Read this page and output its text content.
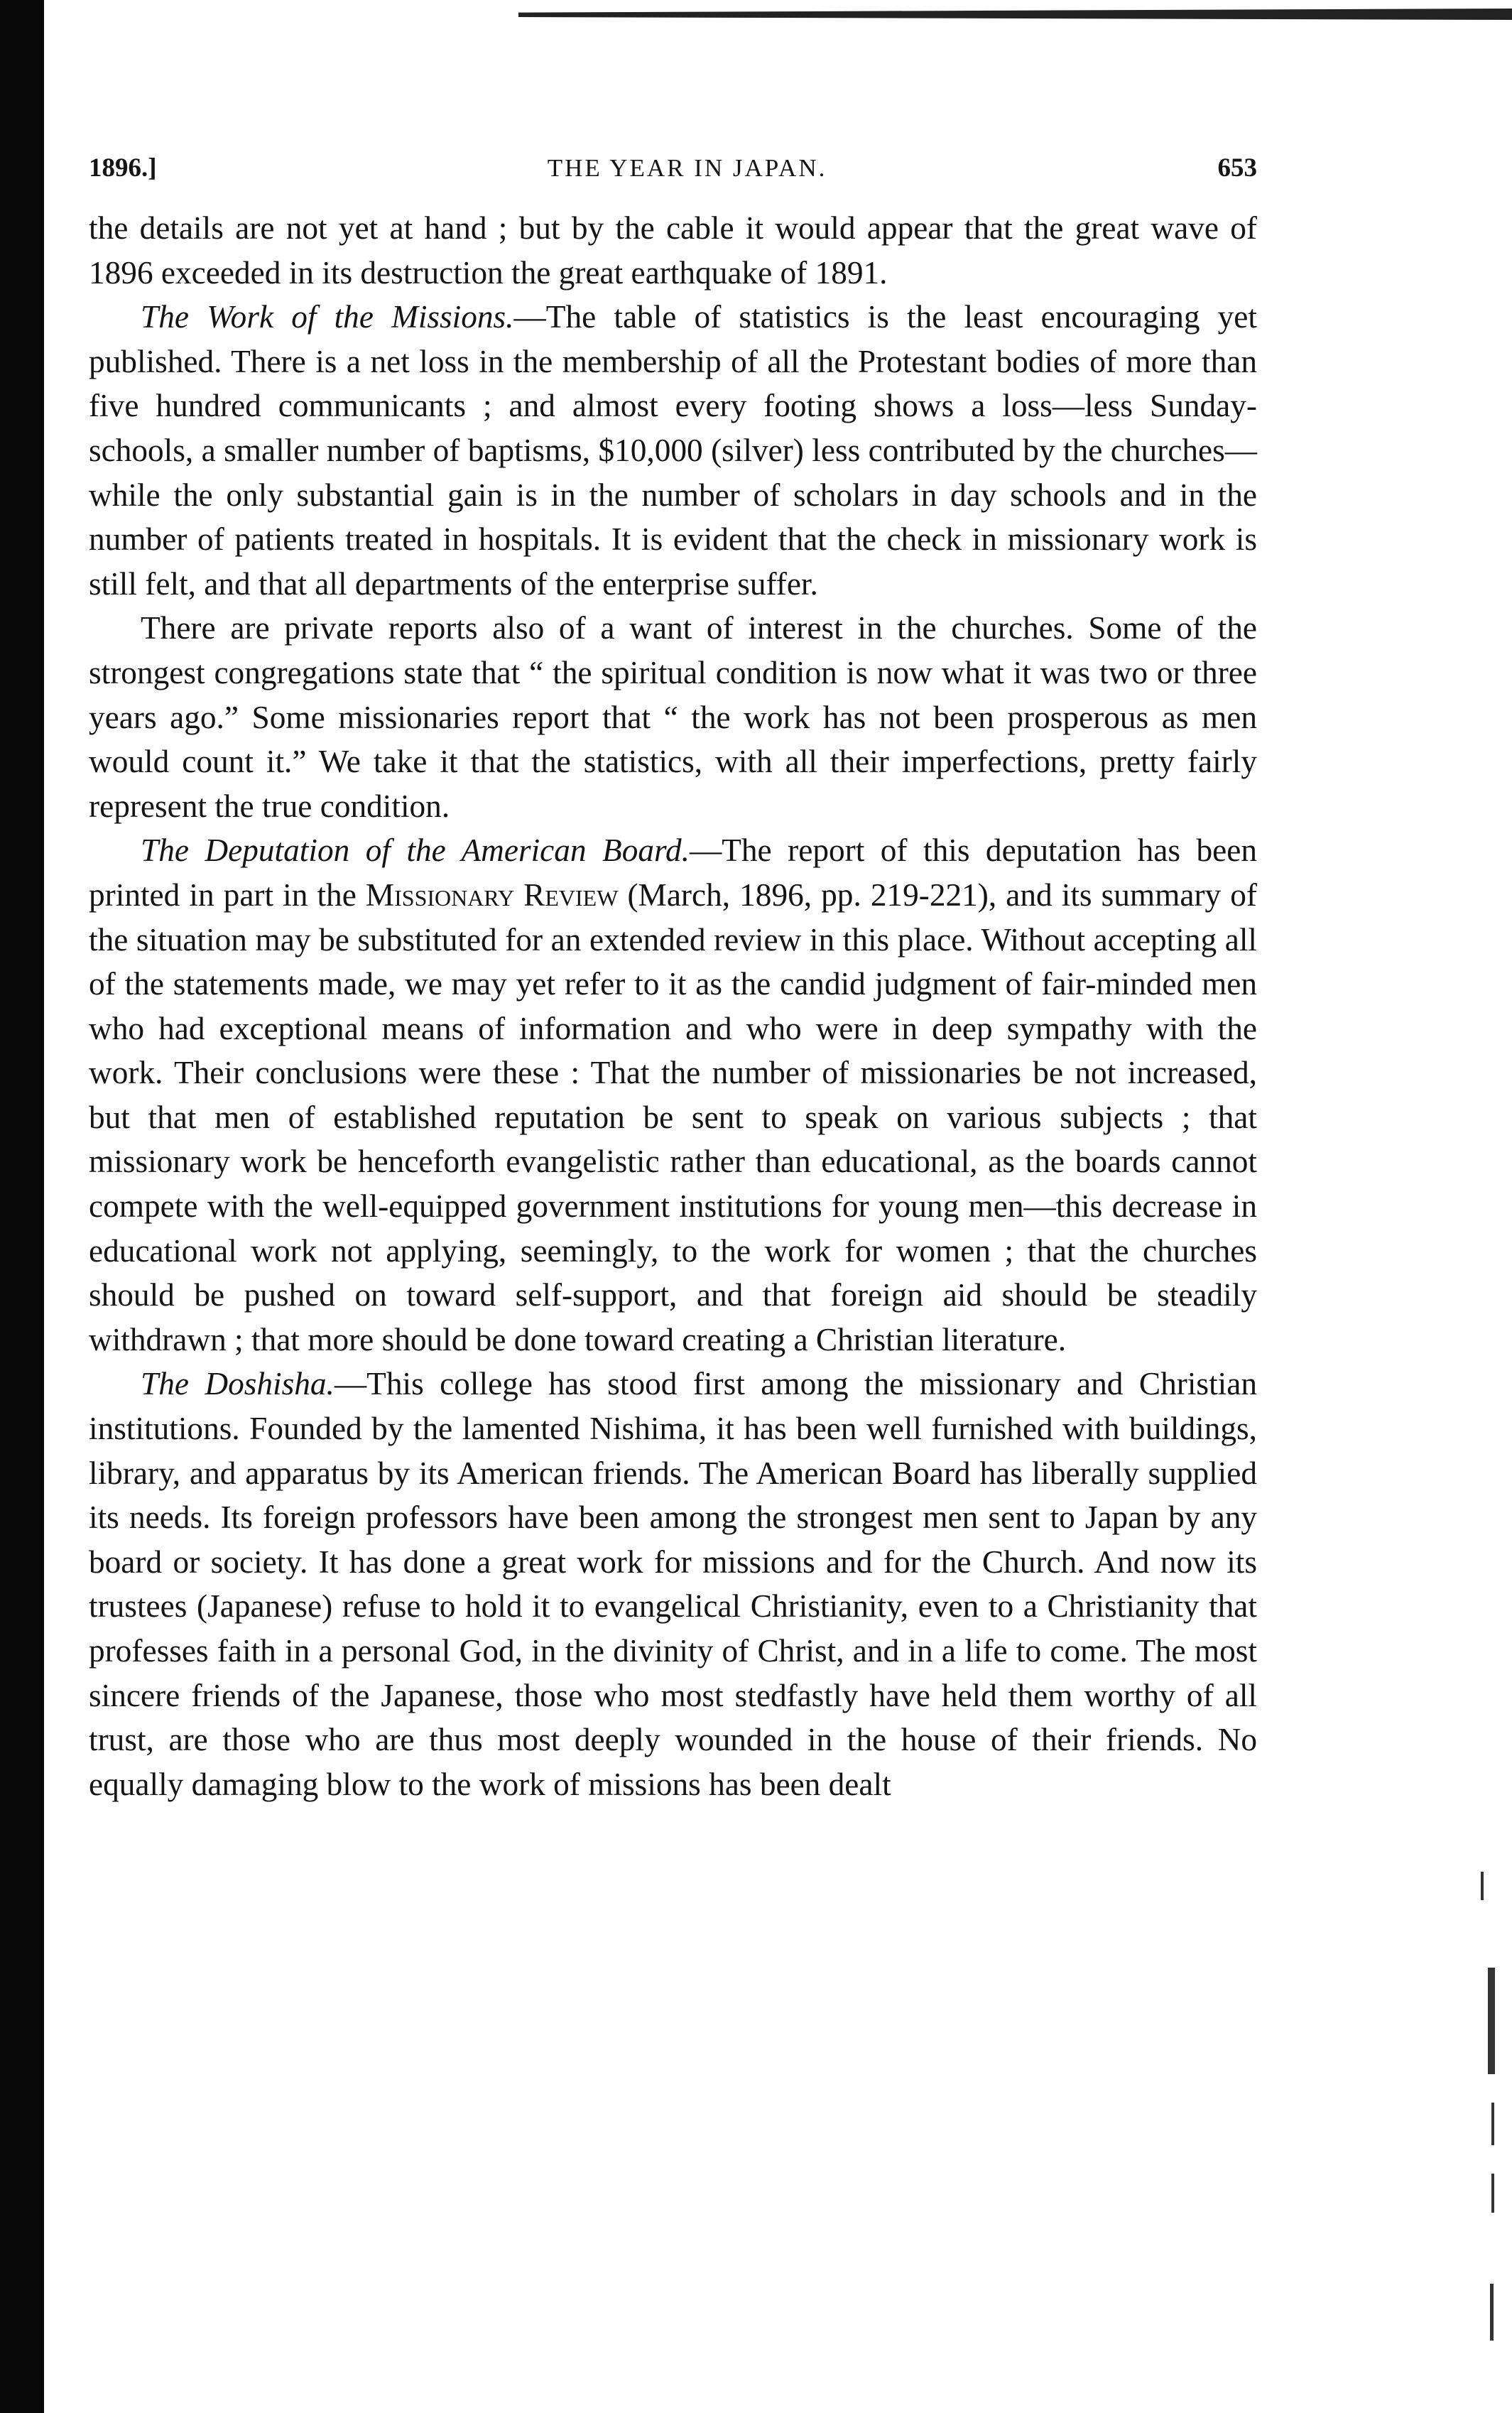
1896.]	THE YEAR IN JAPAN.	653

the details are not yet at hand ; but by the cable it would appear that the great wave of 1896 exceeded in its destruction the great earthquake of 1891.

The Work of the Missions.—The table of statistics is the least encouraging yet published. There is a net loss in the membership of all the Protestant bodies of more than five hundred communicants ; and almost every footing shows a loss—less Sunday-schools, a smaller number of baptisms, $10,000 (silver) less contributed by the churches—while the only substantial gain is in the number of scholars in day schools and in the number of patients treated in hospitals. It is evident that the check in missionary work is still felt, and that all departments of the enterprise suffer.

There are private reports also of a want of interest in the churches. Some of the strongest congregations state that “ the spiritual condition is now what it was two or three years ago.” Some missionaries report that “ the work has not been prosperous as men would count it.” We take it that the statistics, with all their imperfections, pretty fairly represent the true condition.

The Deputation of the American Board.—The report of this deputation has been printed in part in the Missionary Review (March, 1896, pp. 219-221), and its summary of the situation may be substituted for an extended review in this place. Without accepting all of the statements made, we may yet refer to it as the candid judgment of fair-minded men who had exceptional means of information and who were in deep sympathy with the work. Their conclusions were these : That the number of missionaries be not increased, but that men of established reputation be sent to speak on various subjects ; that missionary work be henceforth evangelistic rather than educational, as the boards cannot compete with the well-equipped government institutions for young men—this decrease in educational work not applying, seemingly, to the work for women ; that the churches should be pushed on toward self-support, and that foreign aid should be steadily withdrawn ; that more should be done toward creating a Christian literature.

The Doshisha.—This college has stood first among the missionary and Christian institutions. Founded by the lamented Nishima, it has been well furnished with buildings, library, and apparatus by its American friends. The American Board has liberally supplied its needs. Its foreign professors have been among the strongest men sent to Japan by any board or society. It has done a great work for missions and for the Church. And now its trustees (Japanese) refuse to hold it to evangelical Christianity, even to a Christianity that professes faith in a personal God, in the divinity of Christ, and in a life to come. The most sincere friends of the Japanese, those who most stedfastly have held them worthy of all trust, are those who are thus most deeply wounded in the house of their friends. No equally damaging blow to the work of missions has been dealt
